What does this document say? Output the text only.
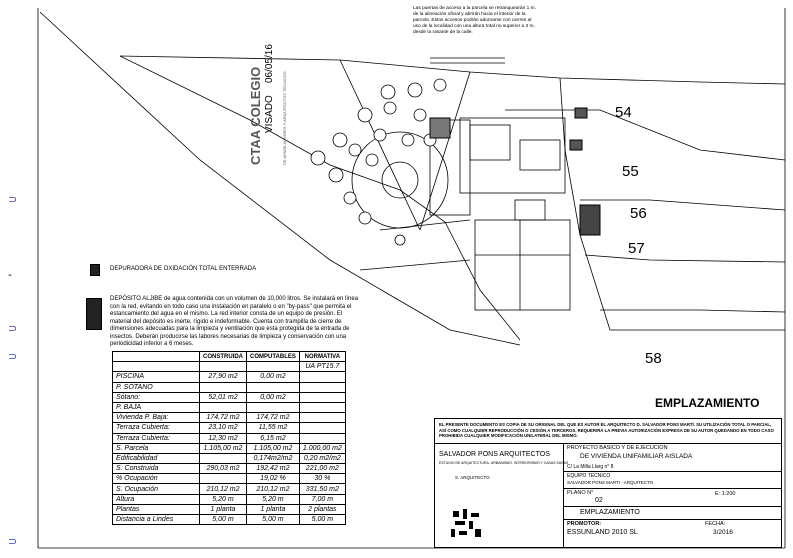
⊃
-
⊃
⊃
⊃
CTAA COLEGIO VISADO
06/05/16
DE APAREJADORES Y ARQUITECTOS TÉCNICOS
Las puertas de acceso a la parcela se retranquearán 1 m. de la alineación oficial y abrirán hacia el interior de la parcela. Estos accesos podrán adornarse con cierres al uso de la localidad con una altura total no superior a 3 m, desde la rasante de la calle.
54
55
56
57
58
DEPURADORA DE OXIDACIÓN TOTAL ENTERRADA
DEPÓSITO ALJIBE de agua contenida con un volumen de 10,000 litros. Se instalará en línea con la red, evitando en todo caso una instalación en paralelo o en "by-pass" que permita el estancamiento del agua en el mismo. La red interior consta de un equipo de presión. El material del depósito es inerte, rígido e indeformable. Cuenta con trampilla de cierre de dimensiones adecuadas para la limpieza y ventilación que esta protegida de la entrada de insectos. Deberán producirse las labores necesarias de limpieza y conservación con una periodicidad inferior a 6 meses.
	CONSTRUIDA	COMPUTABLES	NORMATIVA
			UA PT15.7
PISCINA	27,90 m2	0,00 m2	
P. SOTANO			
Sótano:	52,01 m2	0,00 m2	
P. BAJA			
Vivienda P. Baja:	174,72 m2	174,72 m2	
Terraza Cubierta:	23,10 m2	11,55 m2	
Terraza Cubierta:	12,30 m2	6,15 m2	
S. Parcela	1.105,00 m2	1.105,00 m2	1.000,00 m2
Edificabilidad		0,174m2/m2	0,20 m2/m2
S. Construida	290,03 m2	192,42 m2	221,00 m2
% Ocupación		19,02 %	30 %
S. Ocupación	210,12 m2	210,12 m2	331,50 m2
Altura	5,20 m	5,20 m	7,00 m
Plantas	1 planta	1 planta	2 plantas
Distancia a Lindes	5,00 m	5,00 m	5,00 m
EMPLAZAMIENTO
EL PRESENTE DOCUMENTO ES COPIA DE SU ORIGINAL DEL QUE ES AUTOR EL ARQUITECTO D. SALVADOR PONS MARTÍ. SU UTILIZACIÓN TOTAL O PARCIAL, ASÍ COMO CUALQUIER REPRODUCCIÓN O CESIÓN A TERCEROS, REQUERIRÁ LA PREVIA AUTORIZACIÓN EXPRESA DE SU AUTOR QUEDANDO EN TODO CASO PROHIBIDA CUALQUIER MODIFICACIÓN UNILATERAL DEL MISMO.
SALVADOR PONS ARQUITECTOS
ESTUDIO DE ARQUITECTURA, URBANISMO, INTERIORISMO Y CASAS SANAS
S. ARQUITECTO
PROYECTO BASICO Y DE EJECUCION
DE VIVIENDA UNIFAMILIAR AISLADA
C/ La Milla Llarg n° 8
EQUIPO TECNICO
SALVADOR PONS MARTI - ARQUITECTO
PLANO N°
02
E: 1:200
EMPLAZAMIENTO
PROMOTOR:
ESSUNLAND 2010 SL
FECHA:
3/2016
